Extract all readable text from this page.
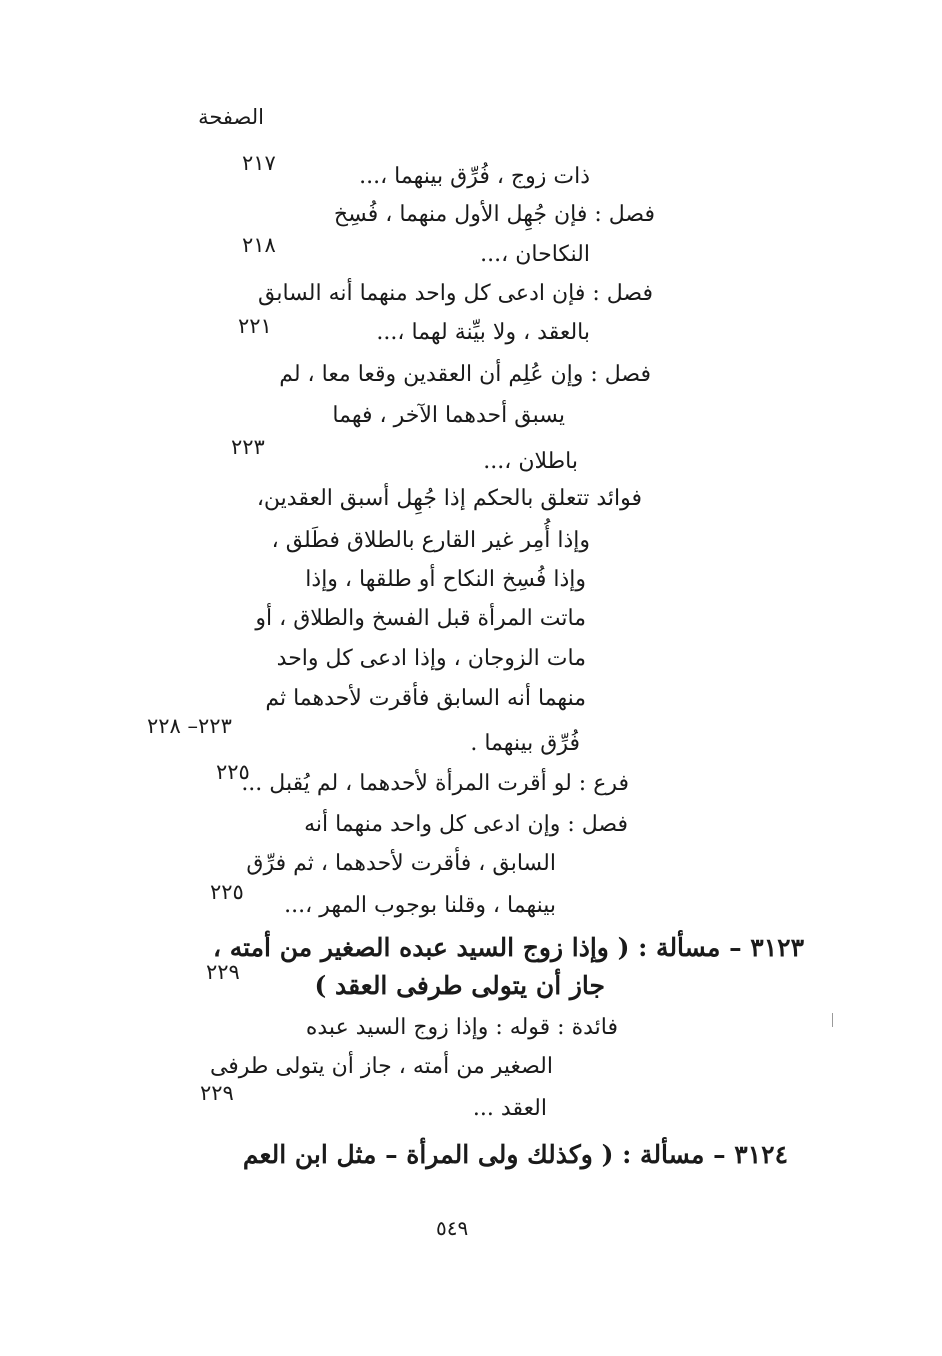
الصفحة
ذات زوج ، فُرِّق بينهما ،...
فصل : فإن جُهِل الأول منهما ، فُسِخ
النكاحان ،...
فصل : فإن ادعى كل واحد منهما أنه السابق
بالعقد ، ولا بيِّنة لهما ،...
فصل : وإن عُلِم أن العقدين وقعا معا ، لم
يسبق أحدهما الآخر ، فهما
باطلان ،...
فوائد تتعلق بالحكم إذا جُهِل أسبق العقدين،
وإذا أُمِر غير القارع بالطلاق فطَلق ،
وإذا فُسِخ النكاح أو طلقها ، وإذا
ماتت المرأة قبل الفسخ والطلاق ، أو
مات الزوجان ، وإذا ادعى كل واحد
منهما أنه السابق فأقرت لأحدهما ثم
فُرِّق بينهما .
فرع : لو أقرت المرأة لأحدهما ، لم يُقبل ...
فصل : وإن ادعى كل واحد منهما أنه
السابق ، فأقرت لأحدهما ، ثم فرِّق
بينهما ، وقلنا بوجوب المهر ،...
٣١٢٣ – مسألة : ( وإذا زوج السيد عبده الصغير من أمته ،
جاز أن يتولى طرفى العقد )
فائدة : قوله : وإذا زوج السيد عبده
الصغير من أمته ، جاز أن يتولى طرفى
العقد ...
٣١٢٤ – مسألة : ( وكذلك ولى المرأة – مثل ابن العم
٢١٧
٢١٨
٢٢١
٢٢٣
٢٢٣– ٢٢٨
٢٢٥
٢٢٥
٢٢٩
٢٢٩
٥٤٩
